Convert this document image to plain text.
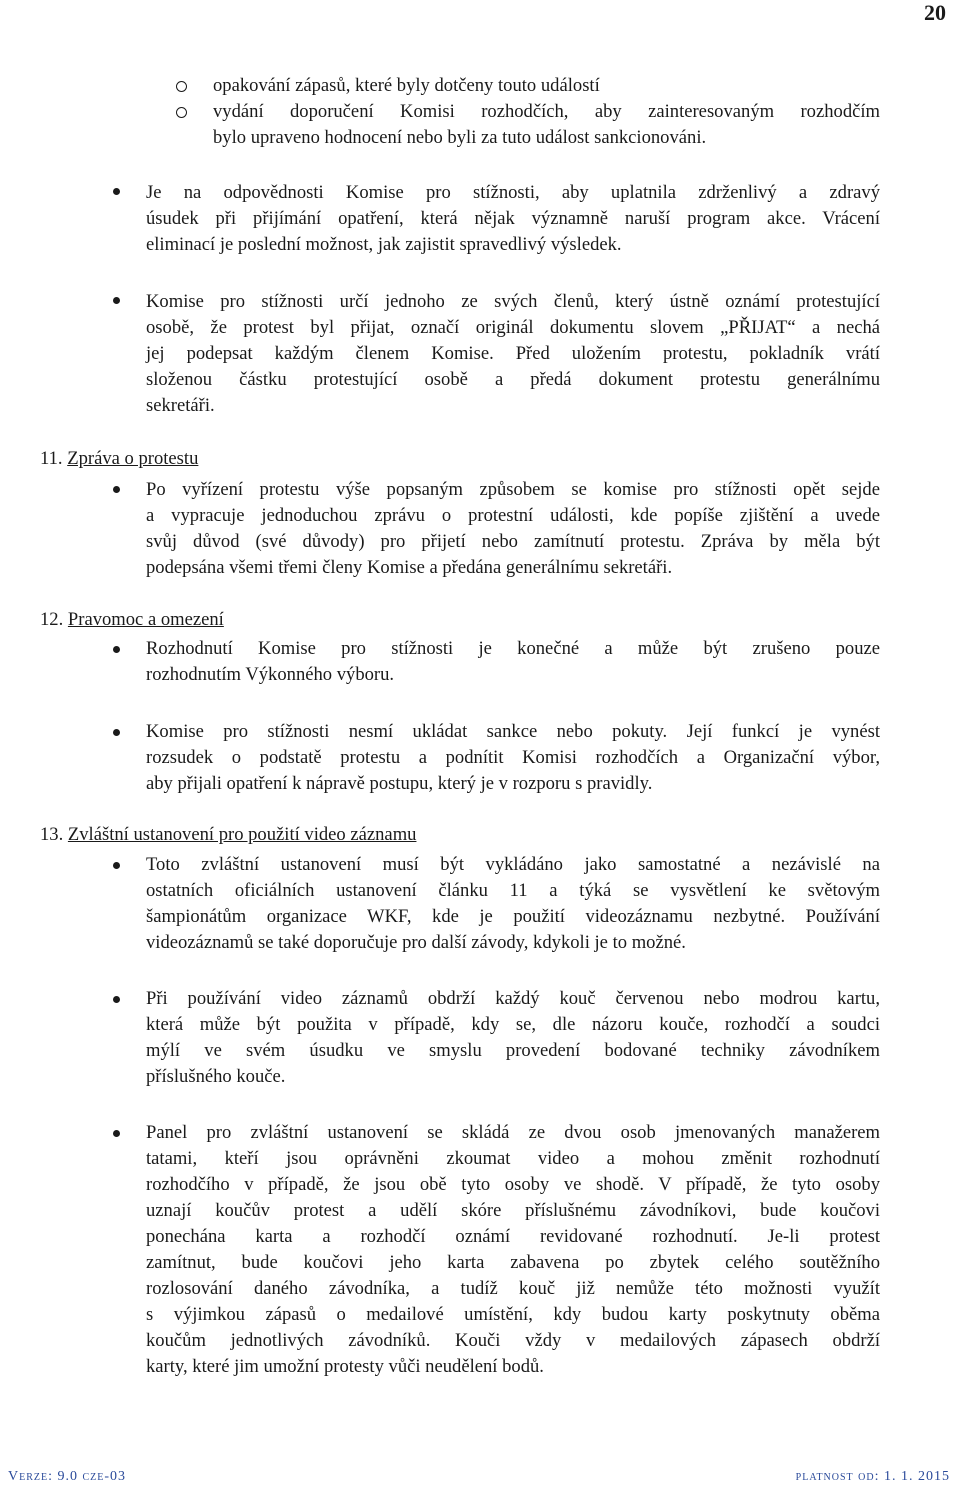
20
opakování zápasů, které byly dotčeny touto událostí
vydání doporučení Komisi rozhodčích, aby zainteresovaným rozhodčím
bylo upraveno hodnocení nebo byli za tuto událost sankcionováni.
Je na odpovědnosti Komise pro stížnosti, aby uplatnila zdrženlivý a zdravý
úsudek při přijímání opatření, která nějak významně naruší program akce. Vrácení
eliminací je poslední možnost, jak zajistit spravedlivý výsledek.
Komise pro stížnosti určí jednoho ze svých členů, který ústně oznámí protestující
osobě, že protest byl přijat, označí originál dokumentu slovem „PŘIJAT“ a nechá
jej podepsat každým členem Komise. Před uložením protestu, pokladník vrátí
složenou částku protestující osobě a předá dokument protestu generálnímu
sekretáři.
11. Zpráva o protestu
Po vyřízení protestu výše popsaným způsobem se komise pro stížnosti opět sejde
a vypracuje jednoduchou zprávu o protestní události, kde popíše zjištění a uvede
svůj důvod (své důvody) pro přijetí nebo zamítnutí protestu. Zpráva by měla být
podepsána všemi třemi členy Komise a předána generálnímu sekretáři.
12. Pravomoc a omezení
Rozhodnutí Komise pro stížnosti je konečné a může být zrušeno pouze
rozhodnutím Výkonného výboru.
Komise pro stížnosti nesmí ukládat sankce nebo pokuty. Její funkcí je vynést
rozsudek o podstatě protestu a podnítit Komisi rozhodčích a Organizační výbor,
aby přijali opatření k nápravě postupu, který je v rozporu s pravidly.
13. Zvláštní ustanovení pro použití video záznamu
Toto zvláštní ustanovení musí být vykládáno jako samostatné a nezávislé na
ostatních oficiálních ustanovení článku 11 a týká se vysvětlení ke světovým
šampionátům organizace WKF, kde je použití videozáznamu nezbytné. Používání
videozáznamů se také doporučuje pro další závody, kdykoli je to možné.
Při používání video záznamů obdrží každý kouč červenou nebo modrou kartu,
která může být použita v případě, kdy se, dle názoru kouče, rozhodčí a soudci
mýlí ve svém úsudku ve smyslu provedení bodované techniky závodníkem
příslušného kouče.
Panel pro zvláštní ustanovení se skládá ze dvou osob jmenovaných manažerem
tatami, kteří jsou oprávněni zkoumat video a mohou změnit rozhodnutí
rozhodčího v případě, že jsou obě tyto osoby ve shodě. V případě, že tyto osoby
uznají koučův protest a udělí skóre příslušnému závodníkovi, bude koučovi
ponechána karta a rozhodčí oznámí revidované rozhodnutí. Je-li protest
zamítnut, bude koučovi jeho karta zabavena po zbytek celého soutěžního
rozlosování daného závodníka, a tudíž kouč již nemůže této možnosti využít
s výjimkou zápasů o medailové umístění, kdy budou karty poskytnuty oběma
koučům jednotlivých závodníků. Kouči vždy v medailových zápasech obdrží
karty, které jim umožní protesty vůči neudělení bodů.
Verze: 9.0 cze-03	platnost od: 1. 1. 2015
